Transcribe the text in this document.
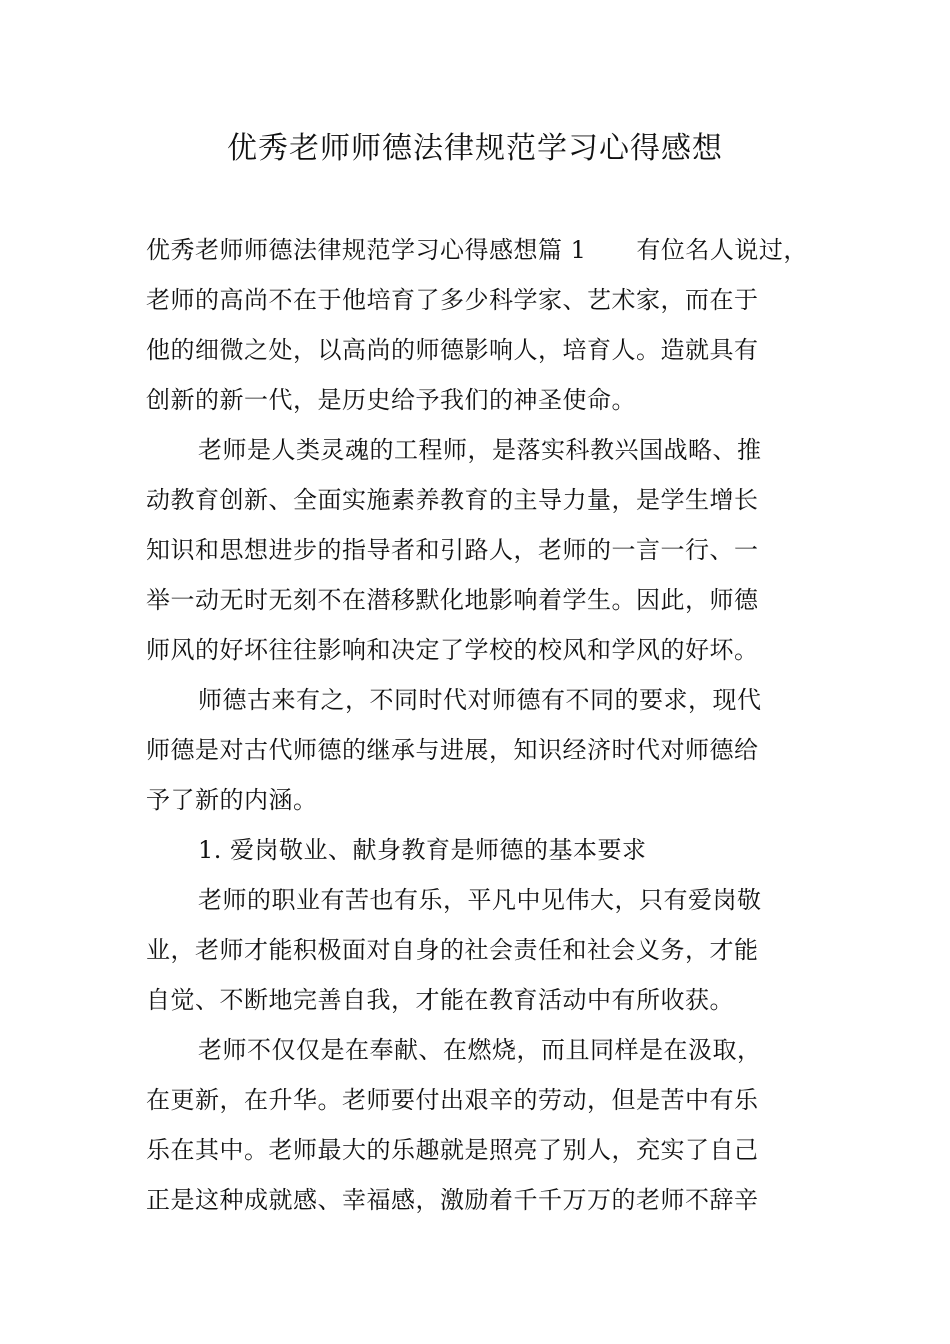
优秀老师师德法律规范学习心得感想
优秀老师师德法律规范学习心得感想篇 1 有位名人说过，
老师的高尚不在于他培育了多少科学家、艺术家，而在于
他的细微之处，以高尚的师德影响人，培育人。造就具有
创新的新一代，是历史给予我们的神圣使命。
老师是人类灵魂的工程师，是落实科教兴国战略、推
动教育创新、全面实施素养教育的主导力量，是学生增长
知识和思想进步的指导者和引路人，老师的一言一行、一
举一动无时无刻不在潜移默化地影响着学生。因此，师德
师风的好坏往往影响和决定了学校的校风和学风的好坏。
师德古来有之，不同时代对师德有不同的要求，现代
师德是对古代师德的继承与进展，知识经济时代对师德给
予了新的内涵。
1. 爱岗敬业、献身教育是师德的基本要求
老师的职业有苦也有乐，平凡中见伟大，只有爱岗敬
业，老师才能积极面对自身的社会责任和社会义务，才能
自觉、不断地完善自我，才能在教育活动中有所收获。
老师不仅仅是在奉献、在燃烧，而且同样是在汲取，
在更新，在升华。老师要付出艰辛的劳动，但是苦中有乐
乐在其中。老师最大的乐趣就是照亮了别人，充实了自己
正是这种成就感、幸福感，激励着千千万万的老师不辞辛
